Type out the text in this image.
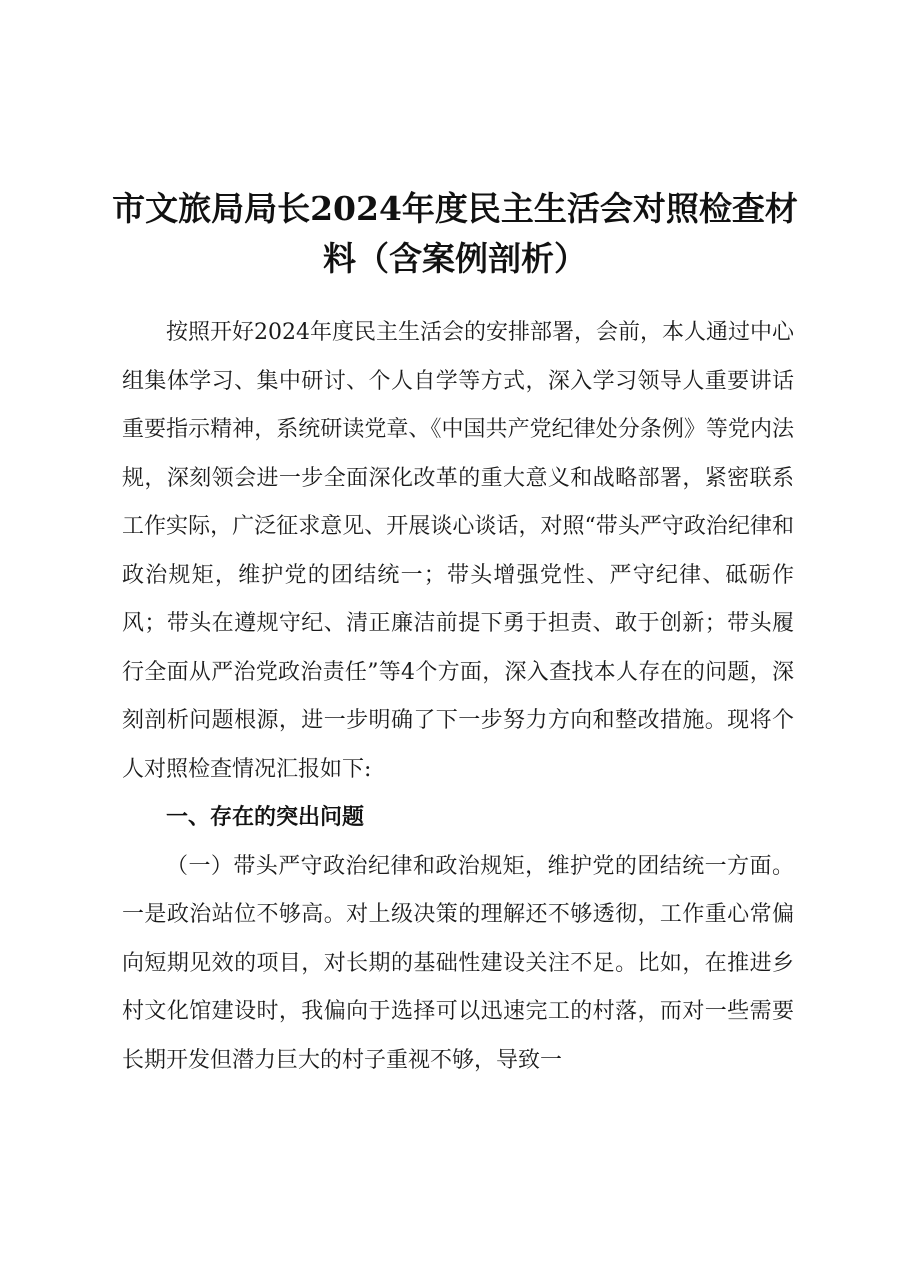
市文旅局局长2024年度民主生活会对照检查材料（含案例剖析）

按照开好2024年度民主生活会的安排部署，会前，本人通过中心组集体学习、集中研讨、个人自学等方式，深入学习领导人重要讲话重要指示精神，系统研读党章、《中国共产党纪律处分条例》等党内法规，深刻领会进一步全面深化改革的重大意义和战略部署，紧密联系工作实际，广泛征求意见、开展谈心谈话，对照“带头严守政治纪律和政治规矩，维护党的团结统一；带头增强党性、严守纪律、砥砺作风；带头在遵规守纪、清正廉洁前提下勇于担责、敢于创新；带头履行全面从严治党政治责任”等4个方面，深入查找本人存在的问题，深刻剖析问题根源，进一步明确了下一步努力方向和整改措施。现将个人对照检查情况汇报如下:

一、存在的突出问题

（一）带头严守政治纪律和政治规矩，维护党的团结统一方面。一是政治站位不够高。对上级决策的理解还不够透彻，工作重心常偏向短期见效的项目，对长期的基础性建设关注不足。比如，在推进乡村文化馆建设时，我偏向于选择可以迅速完工的村落，而对一些需要长期开发但潜力巨大的村子重视不够，导致一
